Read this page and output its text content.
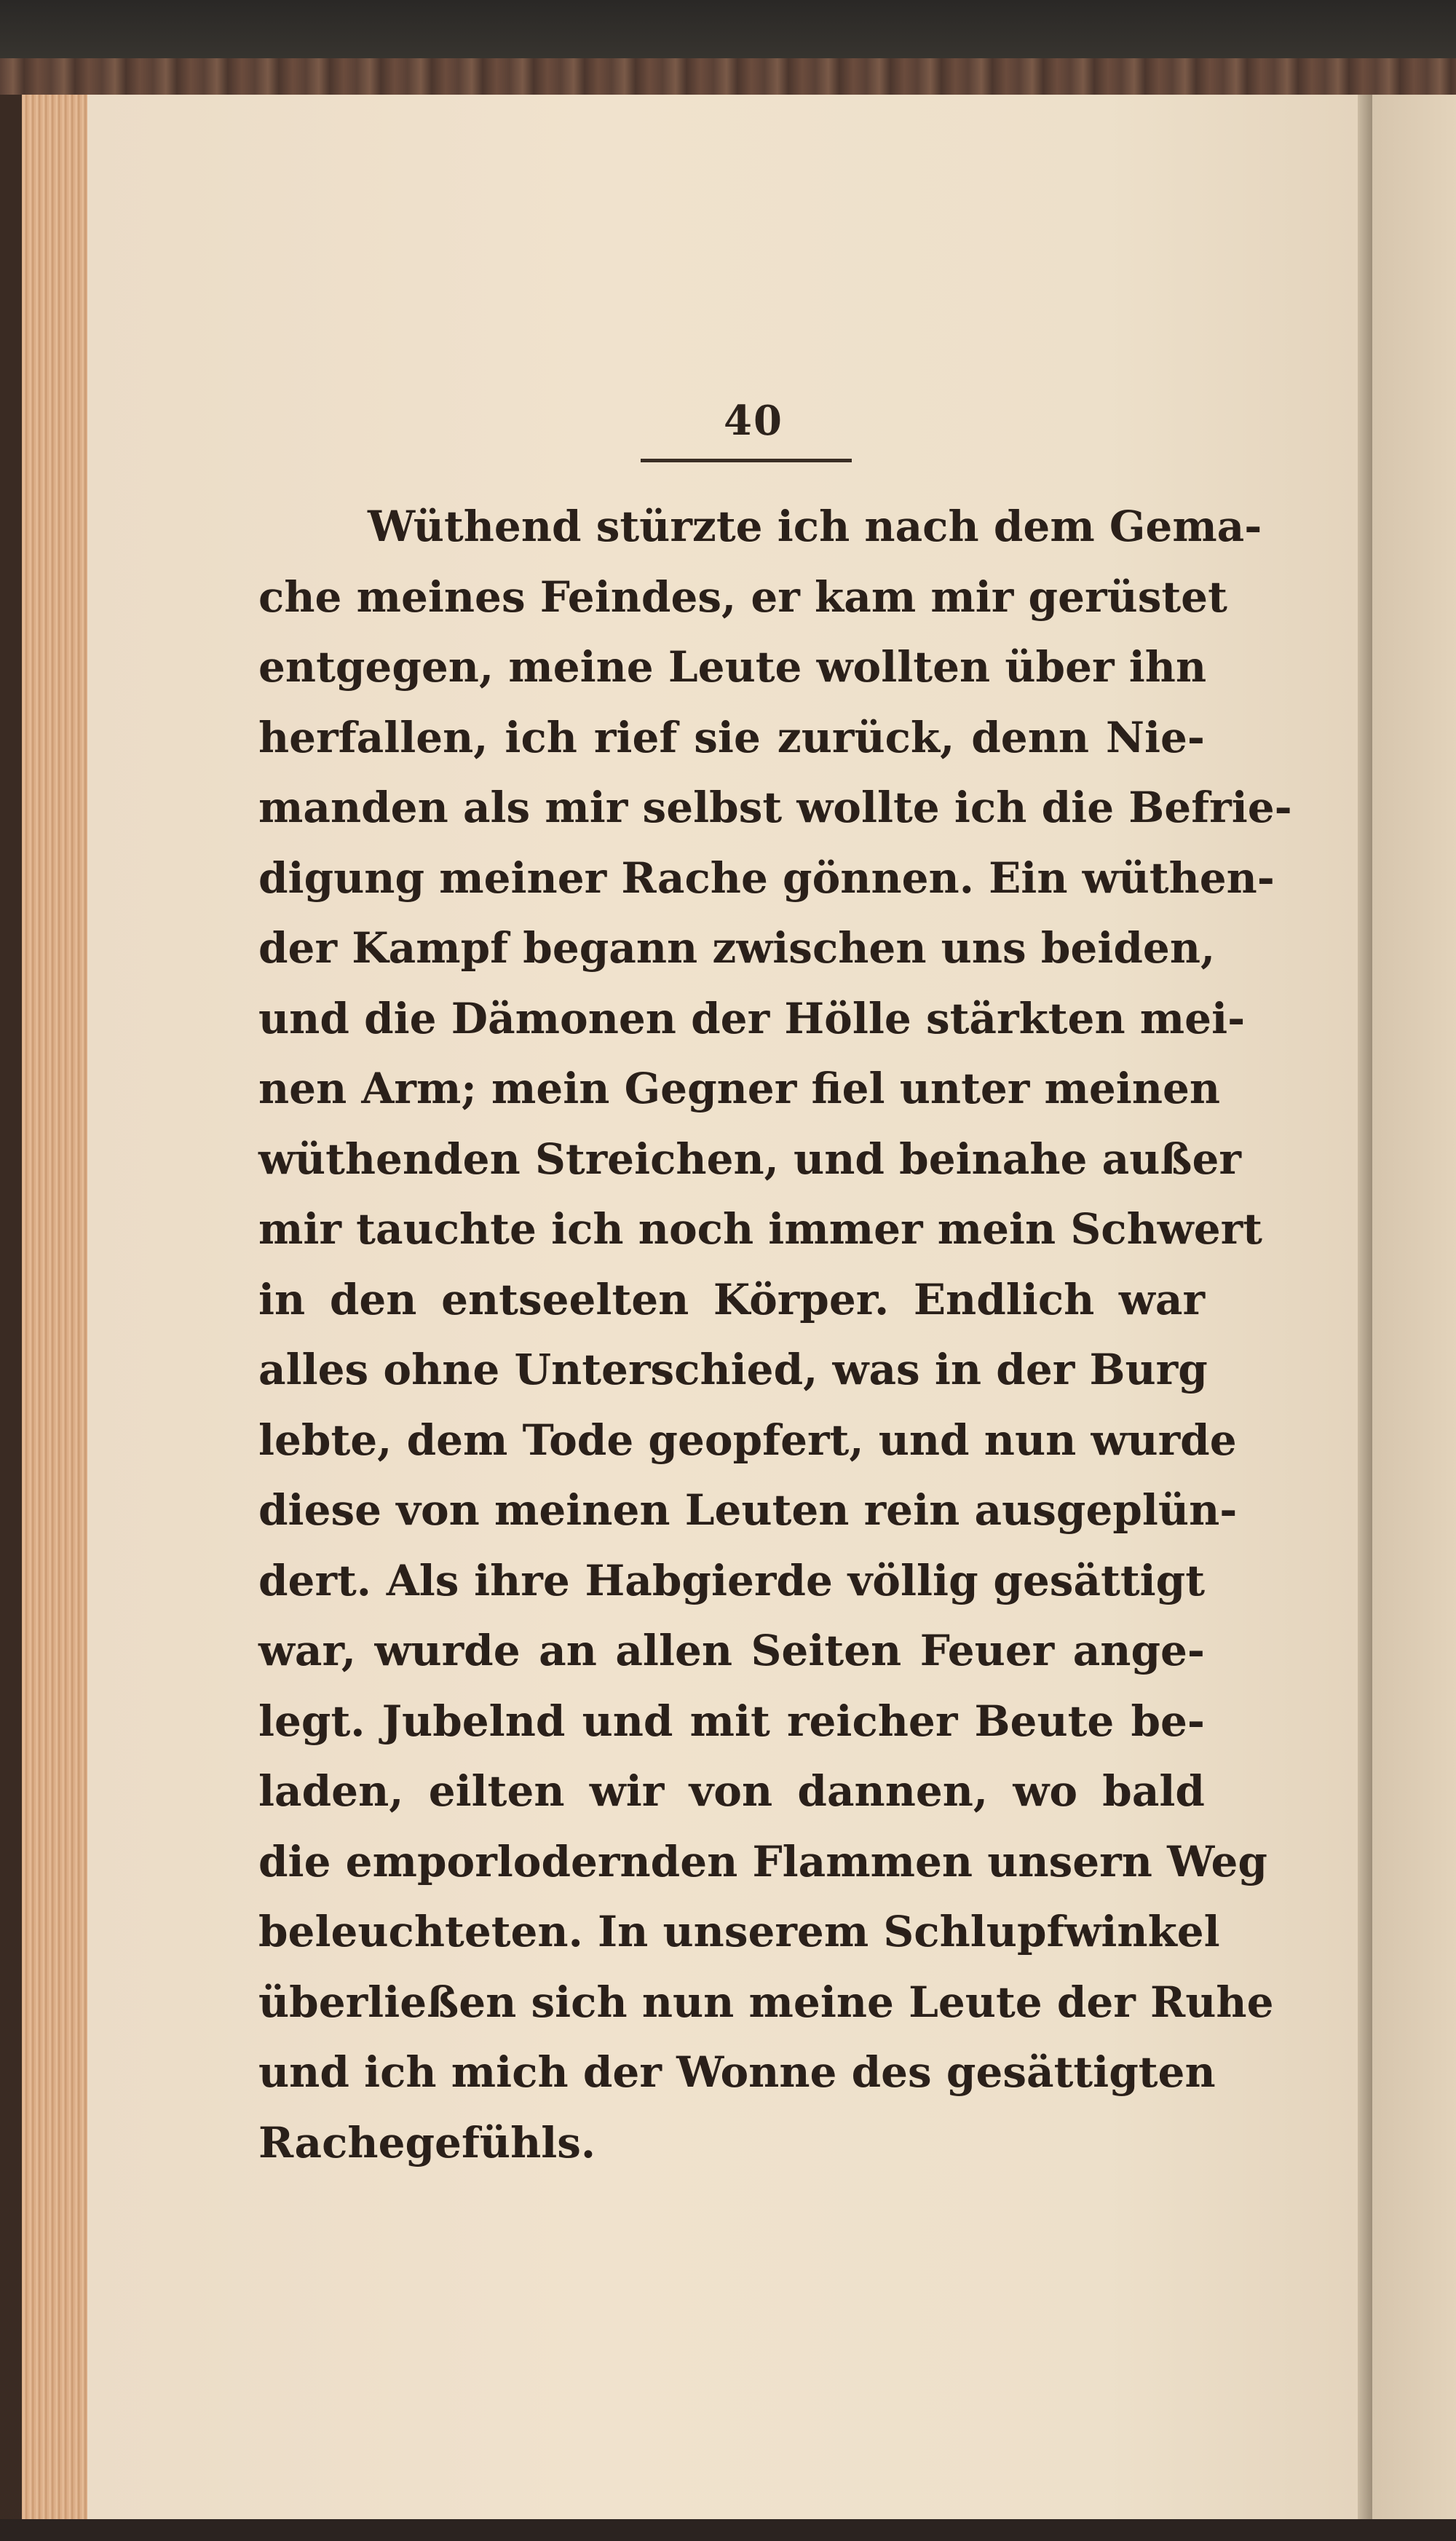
40
Wüthend stürzte ich nach dem Gema-
che meines Feindes, er kam mir gerüstet
entgegen, meine Leute wollten über ihn
herfallen, ich rief sie zurück, denn Nie-
manden als mir selbst wollte ich die Befrie-
digung meiner Rache gönnen. Ein wüthen-
der Kampf begann zwischen uns beiden,
und die Dämonen der Hölle stärkten mei-
nen Arm; mein Gegner fiel unter meinen
wüthenden Streichen, und beinahe außer
mir tauchte ich noch immer mein Schwert
in den entseelten Körper. Endlich war
alles ohne Unterschied, was in der Burg
lebte, dem Tode geopfert, und nun wurde
diese von meinen Leuten rein ausgeplün-
dert. Als ihre Habgierde völlig gesättigt
war, wurde an allen Seiten Feuer ange-
legt. Jubelnd und mit reicher Beute be-
laden, eilten wir von dannen, wo bald
die emporlodernden Flammen unsern Weg
beleuchteten. In unserem Schlupfwinkel
überließen sich nun meine Leute der Ruhe
und ich mich der Wonne des gesättigten
Rachegefühls.
